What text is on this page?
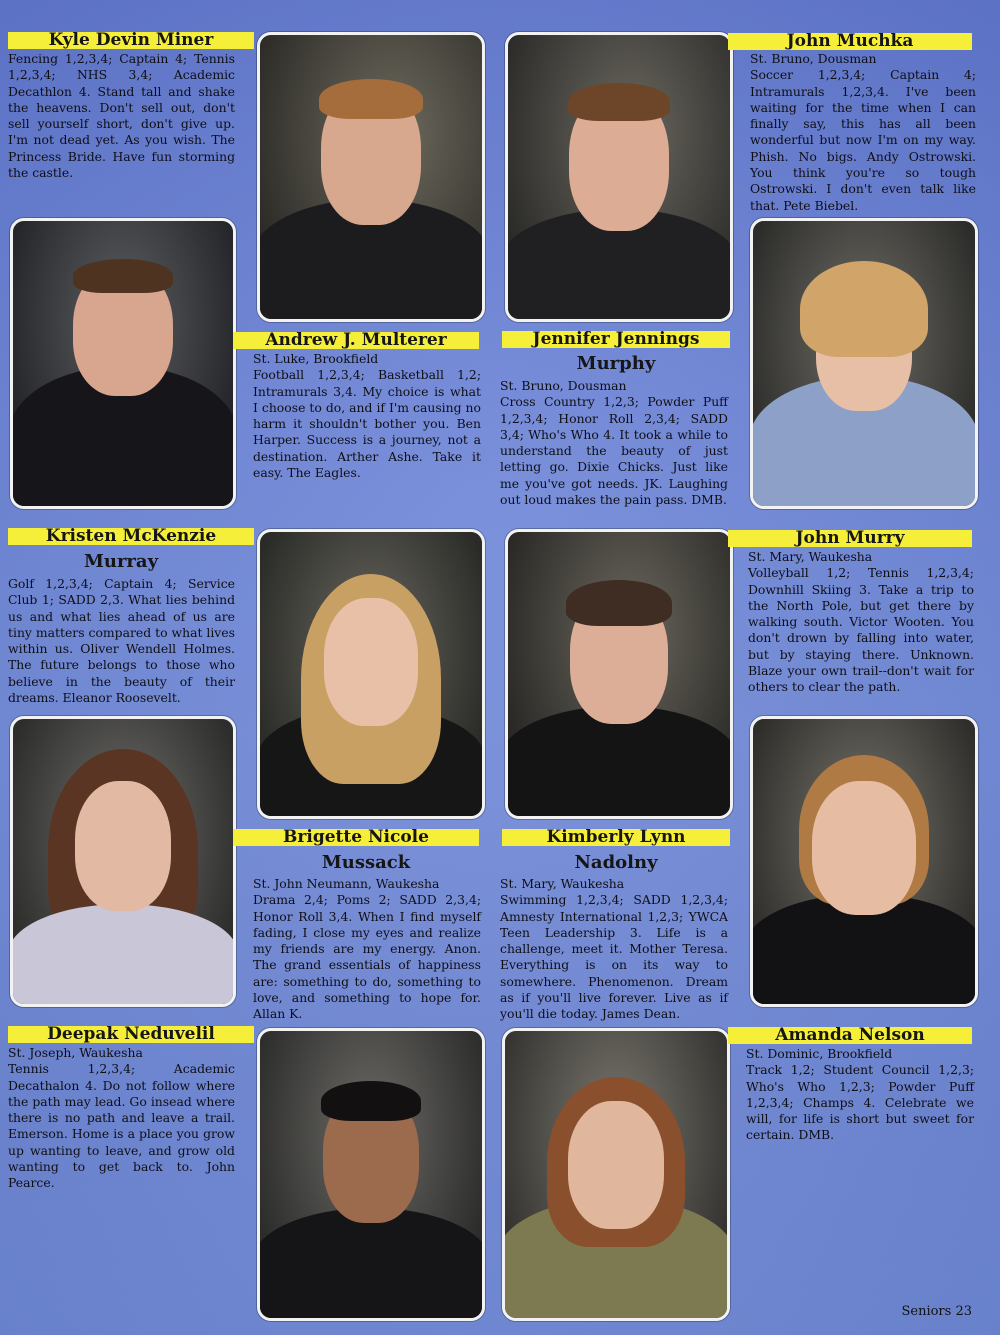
Kyle Devin Miner
Fencing 1,2,3,4; Captain 4; Tennis 1,2,3,4; NHS 3,4; Academic Decathlon 4. Stand tall and shake the heavens. Don't sell out, don't sell yourself short, don't give up. I'm not dead yet. As you wish. The Princess Bride. Have fun storming the castle.
John Muchka
St. Bruno, Dousman
Soccer 1,2,3,4; Captain 4; Intramurals 1,2,3,4. I've been waiting for the time when I can finally say, this has all been wonderful but now I'm on my way. Phish. No bigs. Andy Ostrowski. You think you're so tough Ostrowski. I don't even talk like that. Pete Biebel.
Andrew J. Multerer
St. Luke, Brookfield
Football 1,2,3,4; Basketball 1,2; Intramurals 3,4. My choice is what I choose to do, and if I'm causing no harm it shouldn't bother you. Ben Harper. Success is a journey, not a destination. Arther Ashe. Take it easy. The Eagles.
Jennifer Jennings
Murphy
St. Bruno, Dousman
Cross Country 1,2,3; Powder Puff 1,2,3,4; Honor Roll 2,3,4; SADD 3,4; Who's Who 4. It took a while to understand the beauty of just letting go. Dixie Chicks. Just like me you've got needs. JK. Laughing out loud makes the pain pass. DMB.
Kristen McKenzie
Murray
Golf 1,2,3,4; Captain 4; Service Club 1; SADD 2,3. What lies behind us and what lies ahead of us are tiny matters compared to what lives within us. Oliver Wendell Holmes. The future belongs to those who believe in the beauty of their dreams. Eleanor Roosevelt.
John Murry
St. Mary, Waukesha
Volleyball 1,2; Tennis 1,2,3,4; Downhill Skiing 3. Take a trip to the North Pole, but get there by walking south. Victor Wooten. You don't drown by falling into water, but by staying there. Unknown. Blaze your own trail--don't wait for others to clear the path.
Brigette Nicole
Mussack
St. John Neumann, Waukesha
Drama 2,4; Poms 2; SADD 2,3,4; Honor Roll 3,4. When I find myself fading, I close my eyes and realize my friends are my energy. Anon. The grand essentials of happiness are: something to do, something to love, and something to hope for. Allan K.
Kimberly Lynn
Nadolny
St. Mary, Waukesha
Swimming 1,2,3,4; SADD 1,2,3,4; Amnesty International 1,2,3; YWCA Teen Leadership 3. Life is a challenge, meet it. Mother Teresa. Everything is on its way to somewhere. Phenomenon. Dream as if you'll live forever. Live as if you'll die today. James Dean.
Deepak Neduvelil
St. Joseph, Waukesha
Tennis 1,2,3,4; Academic Decathalon 4. Do not follow where the path may lead. Go insead where there is no path and leave a trail. Emerson. Home is a place you grow up wanting to leave, and grow old wanting to get back to. John Pearce.
Amanda Nelson
St. Dominic, Brookfield
Track 1,2; Student Council 1,2,3; Who's Who 1,2,3; Powder Puff 1,2,3,4; Champs 4. Celebrate we will, for life is short but sweet for certain. DMB.
Seniors 23
